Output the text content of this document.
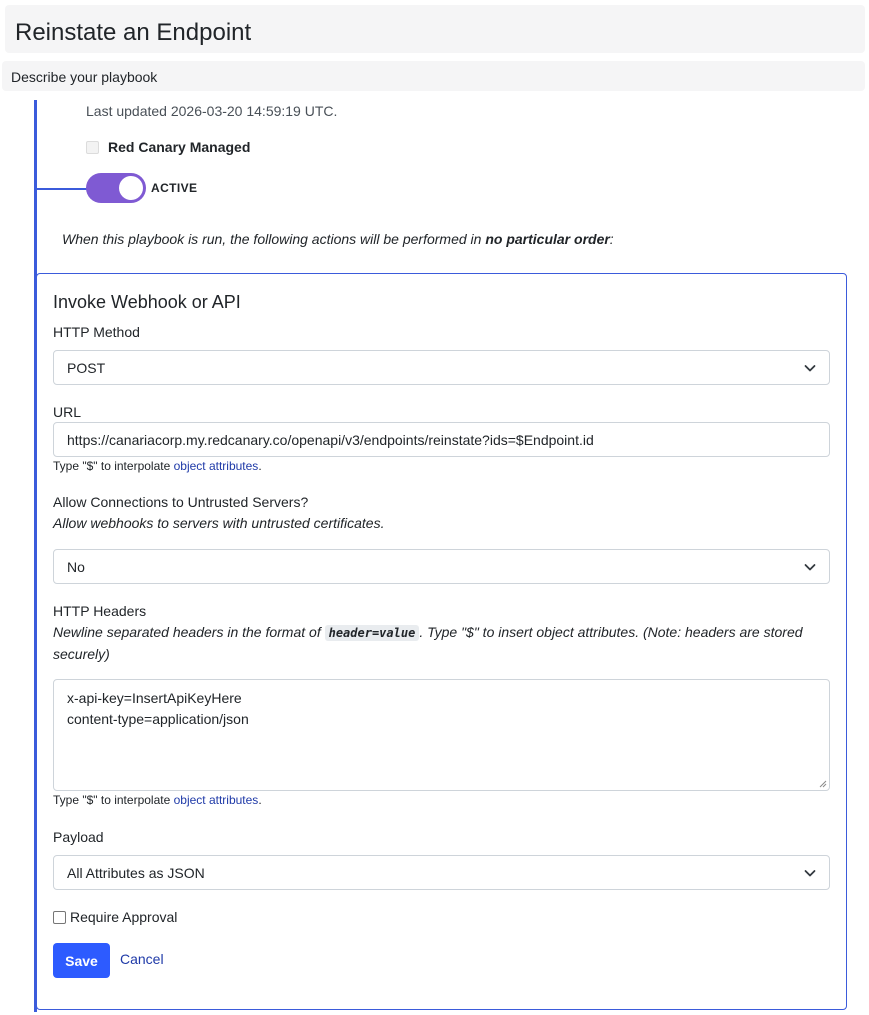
Reinstate an Endpoint
Describe your playbook
Last updated 2026-03-20 14:59:19 UTC.
Red Canary Managed
ACTIVE
When this playbook is run, the following actions will be performed in no particular order:
Invoke Webhook or API
HTTP Method
POST
URL
https://canariacorp.my.redcanary.co/openapi/v3/endpoints/reinstate?ids=$Endpoint.id
Type "$" to interpolate object attributes.
Allow Connections to Untrusted Servers?
Allow webhooks to servers with untrusted certificates.
No
HTTP Headers
Newline separated headers in the format of header=value . Type "$" to insert object attributes. (Note: headers are stored securely)
x-api-key=InsertApiKeyHere
content-type=application/json
Type "$" to interpolate object attributes.
Payload
All Attributes as JSON
Require Approval
Save	Cancel
